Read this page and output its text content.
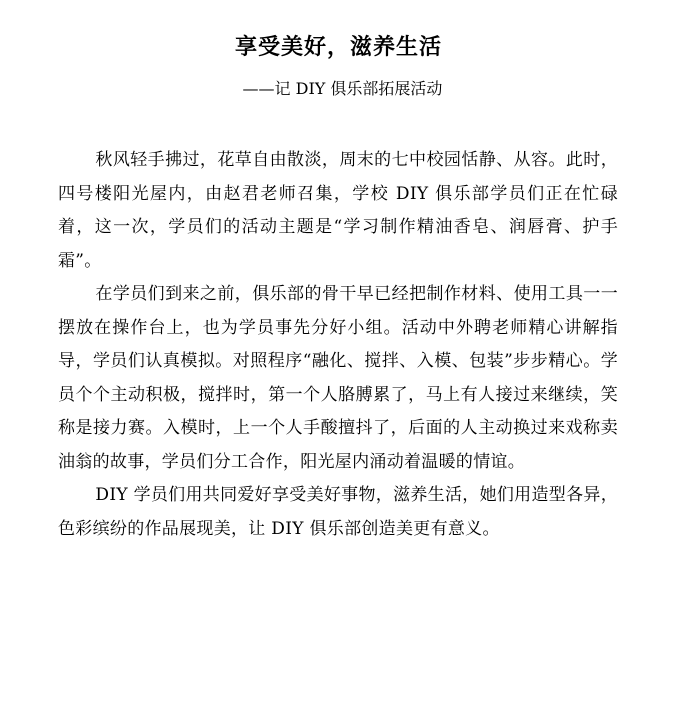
享受美好，滋养生活
——记 DIY 俱乐部拓展活动

秋风轻手拂过，花草自由散淡，周末的七中校园恬静、从容。此时，四号楼阳光屋内，由赵君老师召集，学校 DIY 俱乐部学员们正在忙碌着，这一次，学员们的活动主题是“学习制作精油香皂、润唇膏、护手霜”。

在学员们到来之前，俱乐部的骨干早已经把制作材料、使用工具一一摆放在操作台上，也为学员事先分好小组。活动中外聘老师精心讲解指导，学员们认真模拟。对照程序“融化、搅拌、入模、包装”步步精心。学员个个主动积极，搅拌时，第一个人胳膊累了，马上有人接过来继续，笑称是接力赛。入模时，上一个人手酸擅抖了，后面的人主动换过来戏称卖油翁的故事，学员们分工合作，阳光屋内涌动着温暖的情谊。

DIY 学员们用共同爱好享受美好事物，滋养生活，她们用造型各异，色彩缤纷的作品展现美，让 DIY 俱乐部创造美更有意义。
